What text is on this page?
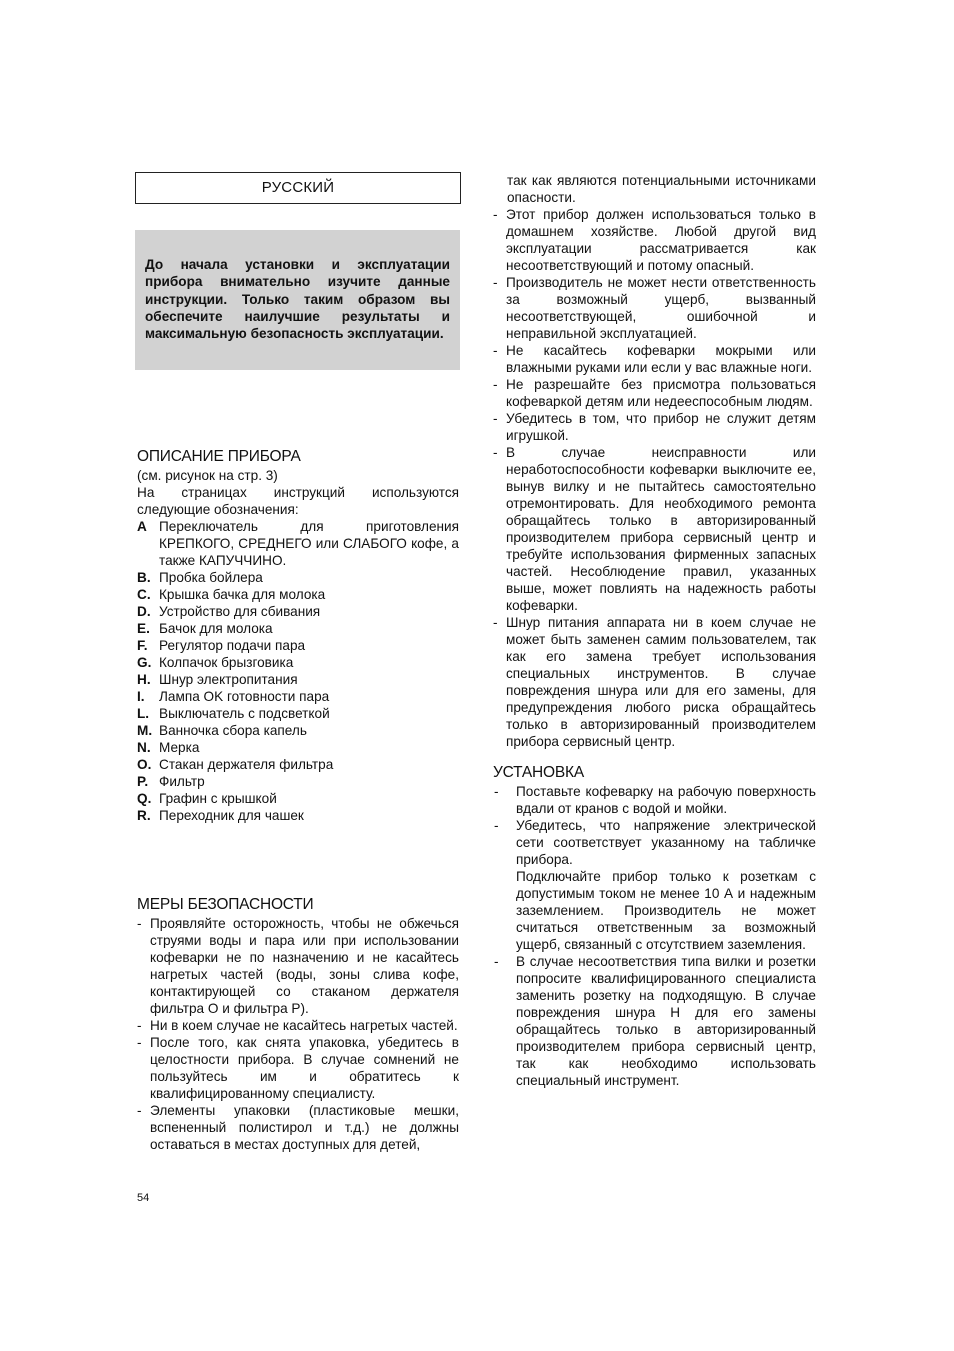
РУССКИЙ
До начала установки и эксплуатации прибора внимательно изучите данные инструкции. Только таким образом вы обеспечите наилучшие результаты и максимальную безопасность эксплуатации.
ОПИСАНИЕ ПРИБОРА

(см. рисунок на стр. 3)

На страницах инструкций используются следующие обозначения:

A Переключатель для приготовления КРЕПКОГО, СРЕДНЕГО или СЛАБОГО кофе, а также КАПУЧЧИНО.
B. Пробка бойлера
C. Крышка бачка для молока
D. Устройство для сбивания
E. Бачок для молока
F. Регулятор подачи пара
G. Колпачок брызговика
H. Шнур электропитания
I. Лампа OK готовности пара
L. Выключатель с подсветкой
M. Ванночка сбора капель
N. Мерка
O. Стакан держателя фильтра
P. Фильтр
Q. Графин с крышкой
R. Переходник для чашек
МЕРЫ БЕЗОПАСНОСТИ
- Проявляйте осторожность, чтобы не обжечься струями воды и пара или при использовании кофеварки не по назначению и не касайтесь нагретых частей (воды, зоны слива кофе, контактирующей со стаканом держателя фильтра О и фильтра Р).
- Ни в коем случае не касайтесь нагретых частей.
- После того, как снята упаковка, убедитесь в целостности прибора. В случае сомнений не пользуйтесь им и обратитесь к квалифицированному специалисту.
- Элементы упаковки (пластиковые мешки, вспененный полистирол и т.д.) не должны оставаться в местах доступных для детей,

так как являются потенциальными источниками опасности.

- Этот прибор должен использоваться только в домашнем хозяйстве. Любой другой вид эксплуатации рассматривается как несоответствующий и потому опасный.
- Производитель не может нести ответственность за возможный ущерб, вызванный несоответствующей, ошибочной и неправильной эксплуатацией.
- Не касайтесь кофеварки мокрыми или влажными руками или если у вас влажные ноги.
- Не разрешайте без присмотра пользоваться кофеваркой детям или недееспособным людям.
- Убедитесь в том, что прибор не служит детям игрушкой.
- В случае неисправности или неработоспособности кофеварки выключите ее, вынув вилку и не пытайтесь самостоятельно отремонтировать. Для необходимого ремонта обращайтесь только в авторизированный производителем прибора сервисный центр и требуйте использования фирменных запасных частей. Несоблюдение правил, указанных выше, может повлиять на надежность работы кофеварки.
- Шнур питания аппарата ни в коем случае не может быть заменен самим пользователем, так как его замена требует использования специальных инструментов. В случае повреждения шнура или для его замены, для предупреждения любого риска обращайтесь только в авторизированный производителем прибора сервисный центр.
УСТАНОВКА
- Поставьте кофеварку на рабочую поверхность вдали от кранов с водой и мойки.
- Убедитесь, что напряжение электрической сети соответствует указанному на табличке прибора.
Подключайте прибор только к розеткам с допустимым током не менее 10 А и надежным заземлением. Производитель не может считаться ответственным за возможный ущерб, связанный с отсутствием заземления.
- В случае несоответствия типа вилки и розетки попросите квалифицированного специалиста заменить розетку на подходящую. В случае повреждения шнура Н для его замены обращайтесь только в авторизированный производителем прибора сервисный центр, так как необходимо использовать специальный инструмент.
54
